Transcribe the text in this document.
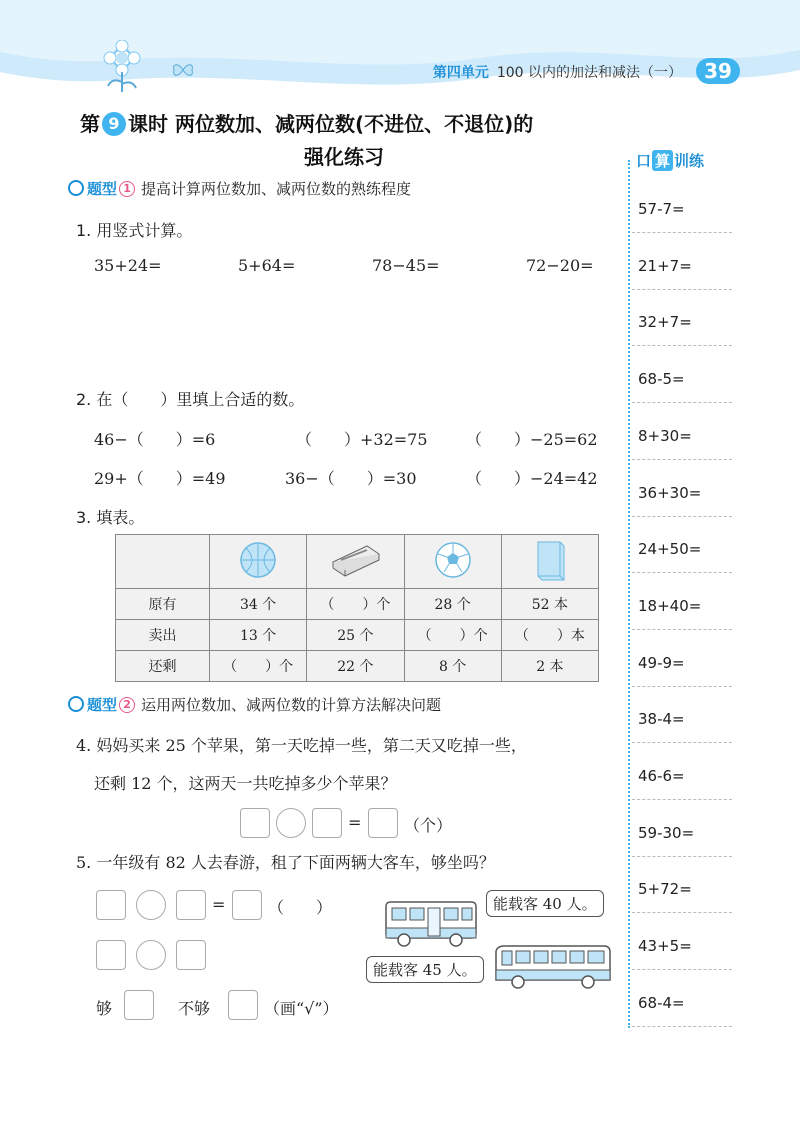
第四单元 100 以内的加法和减法（一）	39
第 9 课时 两位数加、减两位数(不进位、不退位)的
强化练习
题型 1 提高计算两位数加、减两位数的熟练程度
1. 用竖式计算。
35+24=	5+64=	78−45=	72−20=
2. 在（　　）里填上合适的数。
46−（　　）=6	（　　）+32=75 （　　）−25=62
29+（　　）=49	36−（　　）=30	（　　）−24=42
3. 填表。

原有	34 个	（　　）个	28 个	52 本
卖出	13 个	25 个	（　　）个	（　　）本
还剩	（　　）个	22 个	8 个	2 本
题型 2 运用两位数加、减两位数的计算方法解决问题
4. 妈妈买来 25 个苹果，第一天吃掉一些，第二天又吃掉一些，
还剩 12 个，这两天一共吃掉多少个苹果？
=	（个）
5. 一年级有 82 人去春游，租了下面两辆大客车，够坐吗？
=	（　　）
够	不够	（画“√”）
能载客 40 人。
能载客 45 人。
口 算 训练
57-7=
21+7=
32+7=
68-5=
8+30=
36+30=
24+50=
18+40=
49-9=
38-4=
46-6=
59-30=
5+72=
43+5=
68-4=
